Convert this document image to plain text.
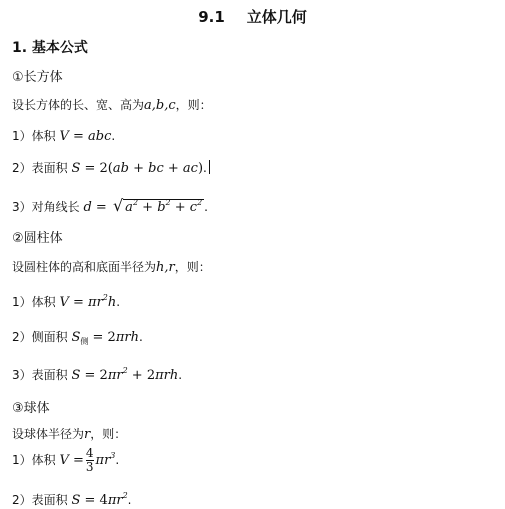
9.1 立体几何
1. 基本公式
①长方体
设长方体的长、宽、高为a,b,c，则：
1）体积 V = abc.
2）表面积 S = 2(ab + bc + ac).
3）对角线长 d = √ $a^2 + b^2 + c^2$ .
②圆柱体
设圆柱体的高和底面半径为h,r，则：
1）体积 $V = \pi r^2h$.
2）侧面积 $S_侧 = 2\pi rh$.
3）表面积 $S = 2\pi r^2 + 2\pi rh$.
③球体
设球体半径为r，则：
1）体积 $V = \frac{4}{3} \pi r^3$.
2）表面积 $S = 4\pi r^2$.
